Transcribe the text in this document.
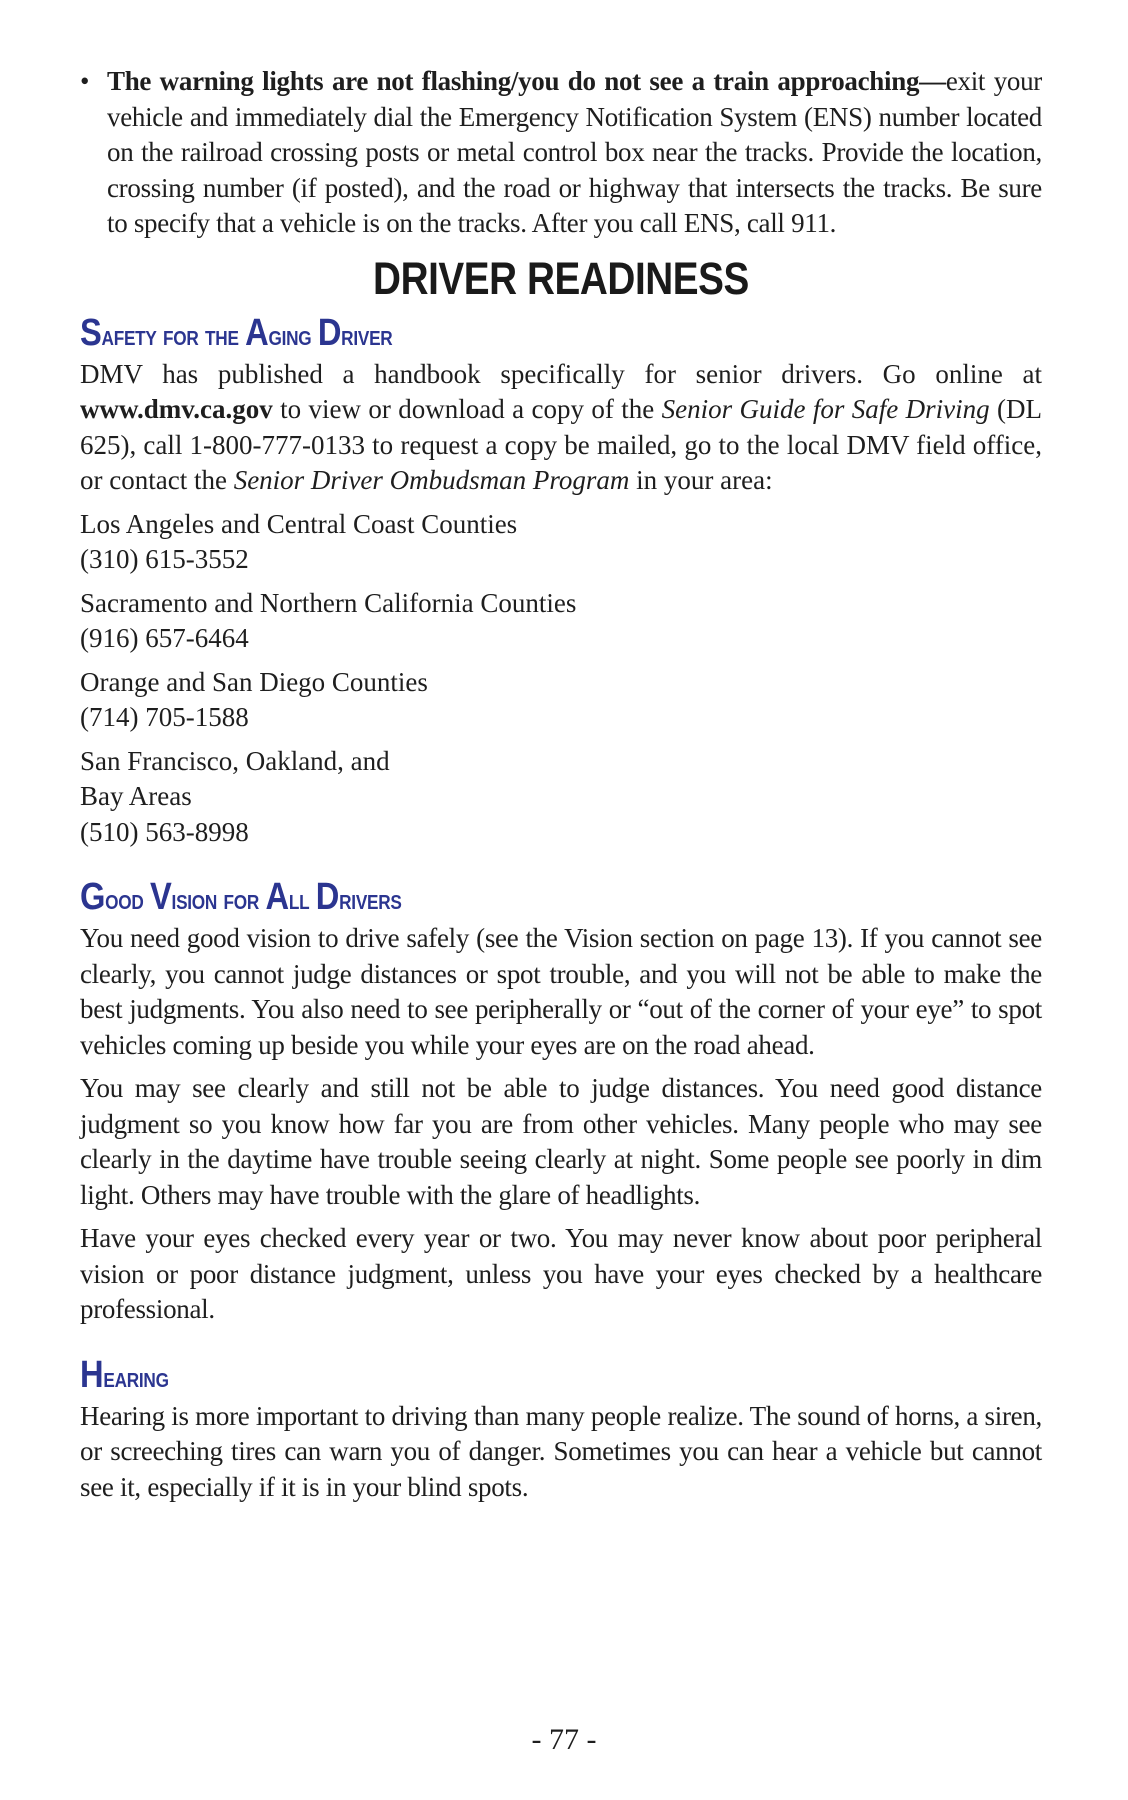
• The warning lights are not flashing/you do not see a train approaching—exit your vehicle and immediately dial the Emergency Notification System (ENS) number located on the railroad crossing posts or metal control box near the tracks. Provide the location, crossing number (if posted), and the road or highway that intersects the tracks. Be sure to specify that a vehicle is on the tracks. After you call ENS, call 911.
DRIVER READINESS
Safety for the Aging Driver

DMV has published a handbook specifically for senior drivers. Go online at www.dmv.ca.gov to view or download a copy of the Senior Guide for Safe Driving (DL 625), call 1-800-777-0133 to request a copy be mailed, go to the local DMV field office, or contact the Senior Driver Ombudsman Program in your area:

Los Angeles and Central Coast Counties
(310) 615-3552
Sacramento and Northern California Counties
(916) 657-6464
Orange and San Diego Counties
(714) 705-1588
San Francisco, Oakland, and
Bay Areas
(510) 563-8998
Good Vision for All Drivers

You need good vision to drive safely (see the Vision section on page 13). If you cannot see clearly, you cannot judge distances or spot trouble, and you will not be able to make the best judgments. You also need to see peripherally or “out of the corner of your eye” to spot vehicles coming up beside you while your eyes are on the road ahead.

You may see clearly and still not be able to judge distances. You need good distance judgment so you know how far you are from other vehicles. Many people who may see clearly in the daytime have trouble seeing clearly at night. Some people see poorly in dim light. Others may have trouble with the glare of headlights.

Have your eyes checked every year or two. You may never know about poor peripheral vision or poor distance judgment, unless you have your eyes checked by a healthcare professional.

Hearing

Hearing is more important to driving than many people realize. The sound of horns, a siren, or screeching tires can warn you of danger. Sometimes you can hear a vehicle but cannot see it, especially if it is in your blind spots.

- 77 -
